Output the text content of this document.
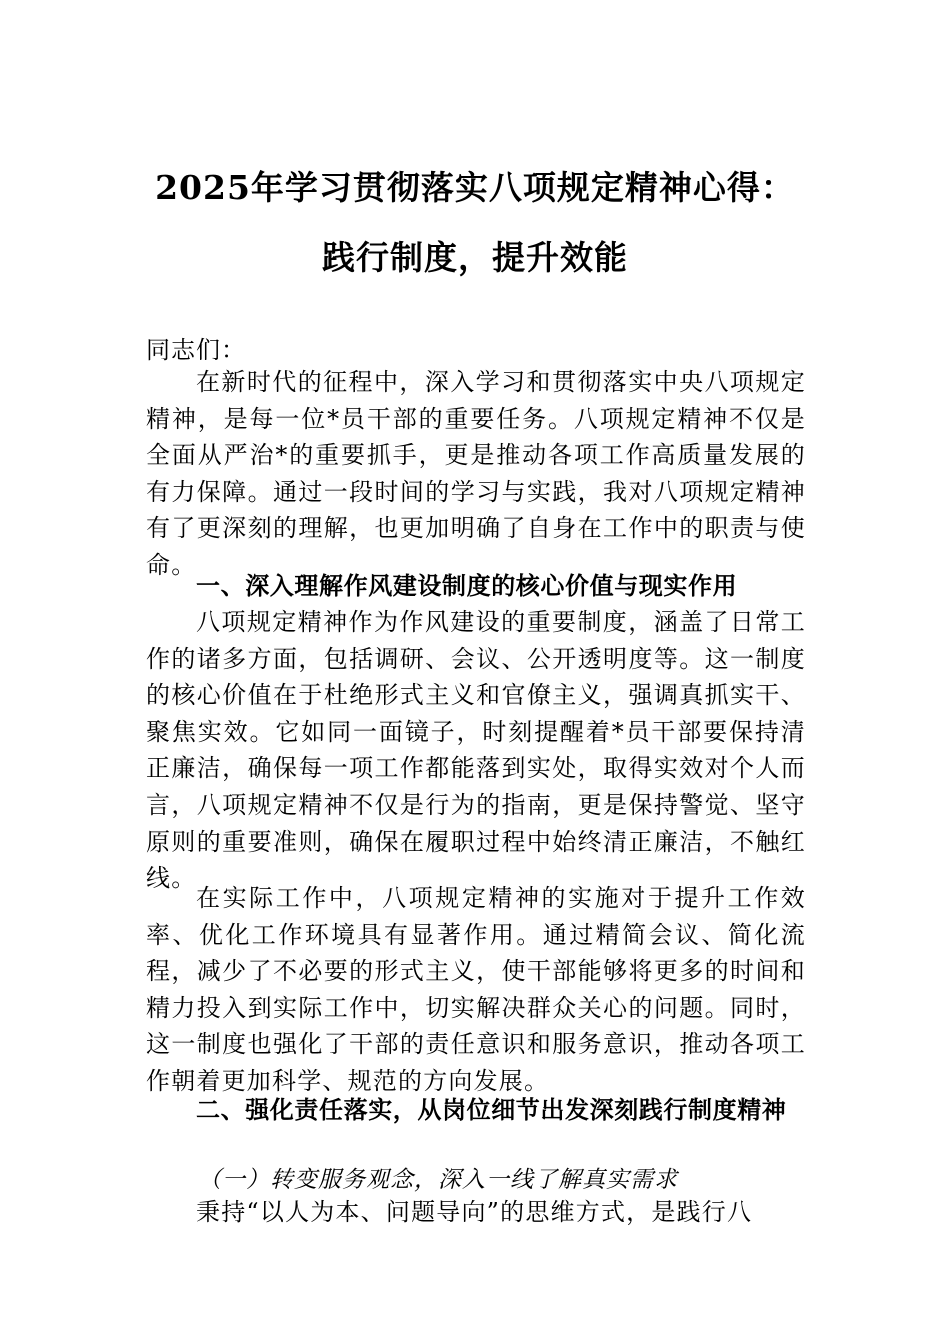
2025年学习贯彻落实八项规定精神心得：
践行制度，提升效能
同志们：
在新时代的征程中，深入学习和贯彻落实中央八项规定精神，是每一位*员干部的重要任务。八项规定精神不仅是全面从严治*的重要抓手，更是推动各项工作高质量发展的有力保障。通过一段时间的学习与实践，我对八项规定精神有了更深刻的理解，也更加明确了自身在工作中的职责与使命。
一、深入理解作风建设制度的核心价值与现实作用
八项规定精神作为作风建设的重要制度，涵盖了日常工作的诸多方面，包括调研、会议、公开透明度等。这一制度的核心价值在于杜绝形式主义和官僚主义，强调真抓实干、聚焦实效。它如同一面镜子，时刻提醒着*员干部要保持清正廉洁，确保每一项工作都能落到实处，取得实效对个人而言，八项规定精神不仅是行为的指南，更是保持警觉、坚守原则的重要准则，确保在履职过程中始终清正廉洁，不触红线。
在实际工作中，八项规定精神的实施对于提升工作效率、优化工作环境具有显著作用。通过精简会议、简化流程，减少了不必要的形式主义，使干部能够将更多的时间和精力投入到实际工作中，切实解决群众关心的问题。同时，这一制度也强化了干部的责任意识和服务意识，推动各项工作朝着更加科学、规范的方向发展。
二、强化责任落实，从岗位细节出发深刻践行制度精神
（一）转变服务观念，深入一线了解真实需求
秉持“以人为本、问题导向”的思维方式，是践行八
